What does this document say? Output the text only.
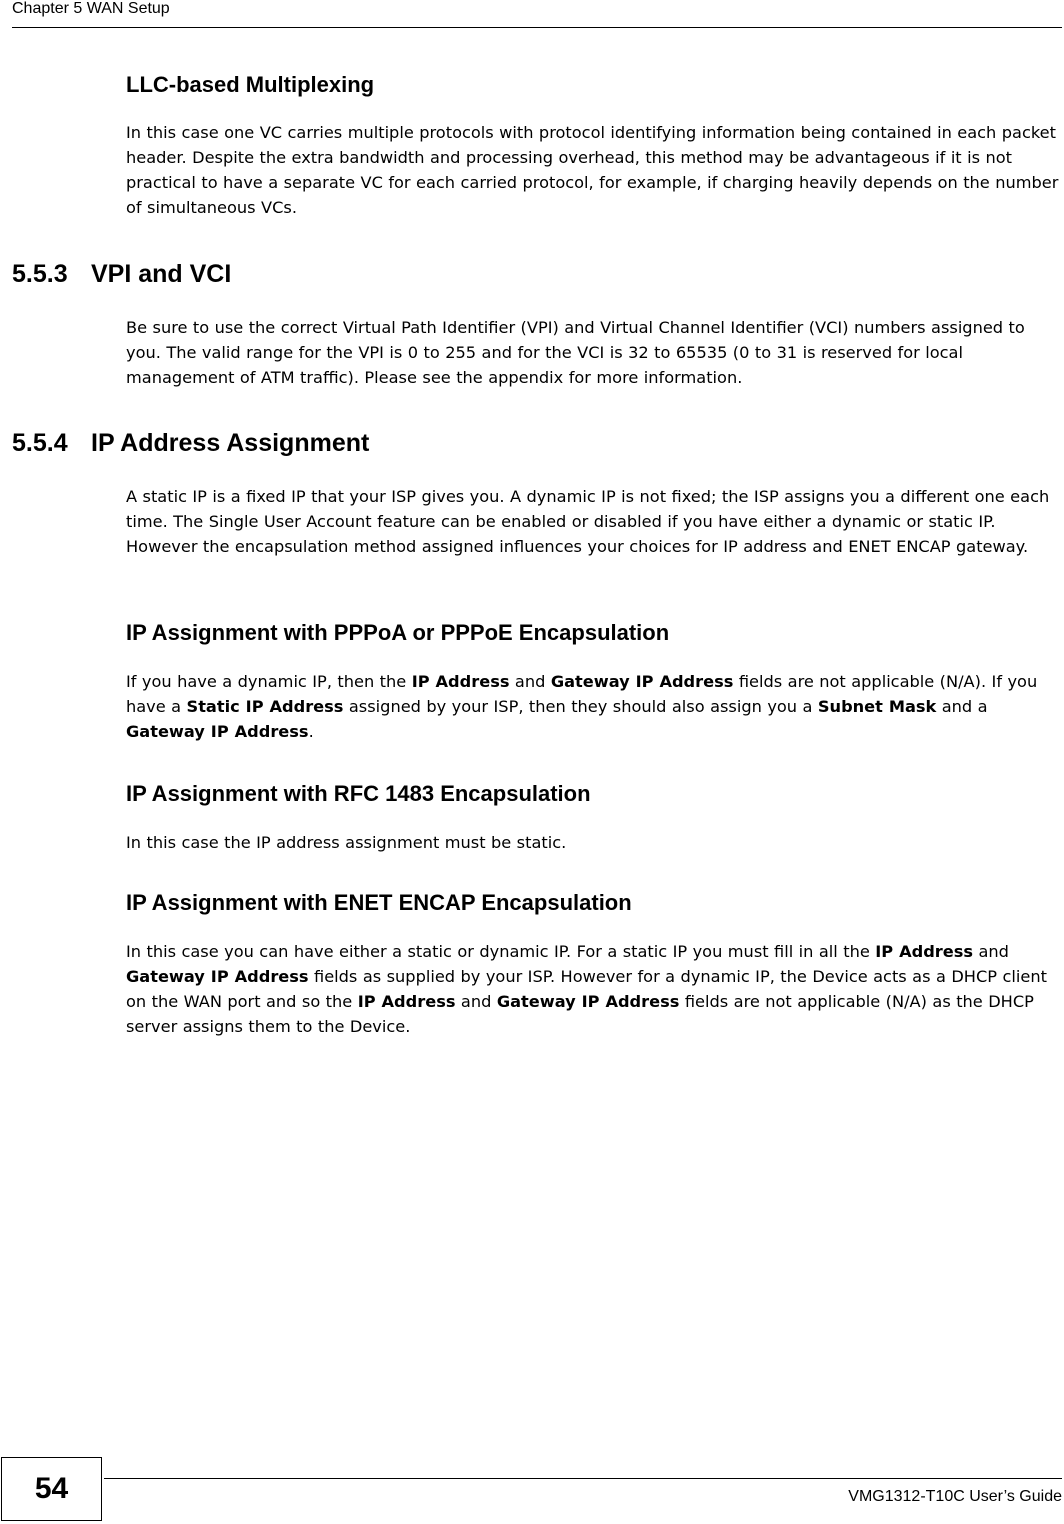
Chapter 5 WAN Setup
LLC-based Multiplexing
In this case one VC carries multiple protocols with protocol identifying information being contained in each packet header. Despite the extra bandwidth and processing overhead, this method may be advantageous if it is not practical to have a separate VC for each carried protocol, for example, if charging heavily depends on the number of simultaneous VCs.
5.5.3 VPI and VCI
Be sure to use the correct Virtual Path Identifier (VPI) and Virtual Channel Identifier (VCI) numbers assigned to you. The valid range for the VPI is 0 to 255 and for the VCI is 32 to 65535 (0 to 31 is reserved for local management of ATM traffic). Please see the appendix for more information.
5.5.4 IP Address Assignment
A static IP is a fixed IP that your ISP gives you. A dynamic IP is not fixed; the ISP assigns you a different one each time. The Single User Account feature can be enabled or disabled if you have either a dynamic or static IP. However the encapsulation method assigned influences your choices for IP address and ENET ENCAP gateway.
IP Assignment with PPPoA or PPPoE Encapsulation
If you have a dynamic IP, then the IP Address and Gateway IP Address fields are not applicable (N/A). If you have a Static IP Address assigned by your ISP, then they should also assign you a Subnet Mask and a Gateway IP Address.
IP Assignment with RFC 1483 Encapsulation
In this case the IP address assignment must be static.
IP Assignment with ENET ENCAP Encapsulation
In this case you can have either a static or dynamic IP. For a static IP you must fill in all the IP Address and Gateway IP Address fields as supplied by your ISP. However for a dynamic IP, the Device acts as a DHCP client on the WAN port and so the IP Address and Gateway IP Address fields are not applicable (N/A) as the DHCP server assigns them to the Device.
54	VMG1312-T10C User’s Guide
